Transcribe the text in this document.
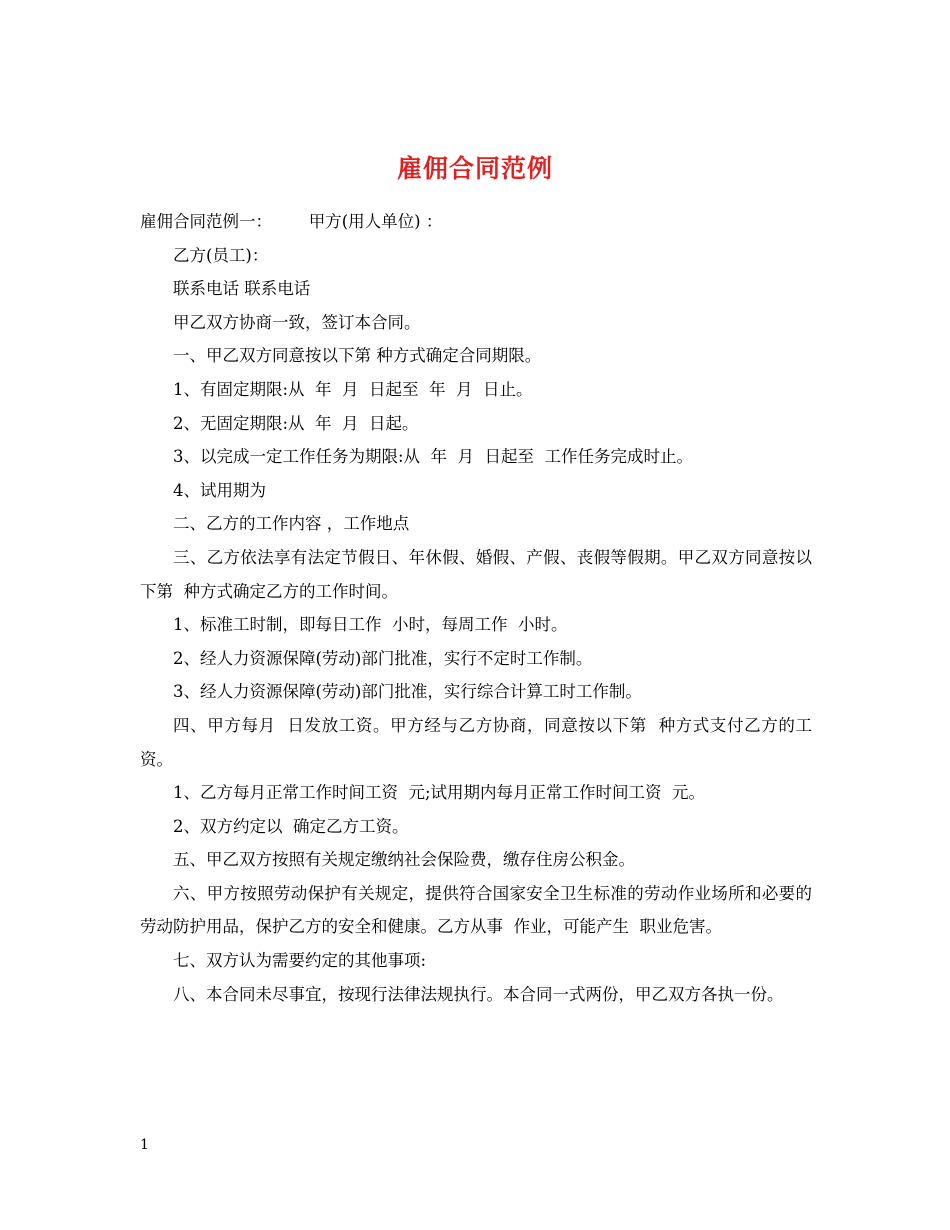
雇佣合同范例

雇佣合同范例一：       甲方(用人单位) ：

乙方(员工)：

联系电话 联系电话

甲乙双方协商一致，签订本合同。

一、甲乙双方同意按以下第 种方式确定合同期限。

1、有固定期限:从  年  月  日起至  年  月  日止。

2、无固定期限:从  年  月  日起。

3、以完成一定工作任务为期限:从  年  月  日起至  工作任务完成时止。

4、试用期为

二、乙方的工作内容 ，工作地点

三、乙方依法享有法定节假日、年休假、婚假、产假、丧假等假期。甲乙双方同意按以下第  种方式确定乙方的工作时间。

1、标准工时制，即每日工作  小时，每周工作  小时。

2、经人力资源保障(劳动)部门批准，实行不定时工作制。

3、经人力资源保障(劳动)部门批准，实行综合计算工时工作制。

四、甲方每月  日发放工资。甲方经与乙方协商，同意按以下第  种方式支付乙方的工资。

1、乙方每月正常工作时间工资  元;试用期内每月正常工作时间工资  元。

2、双方约定以  确定乙方工资。

五、甲乙双方按照有关规定缴纳社会保险费，缴存住房公积金。

六、甲方按照劳动保护有关规定，提供符合国家安全卫生标准的劳动作业场所和必要的劳动防护用品，保护乙方的安全和健康。乙方从事  作业，可能产生  职业危害。

七、双方认为需要约定的其他事项:

八、本合同未尽事宜，按现行法律法规执行。本合同一式两份，甲乙双方各执一份。

1
